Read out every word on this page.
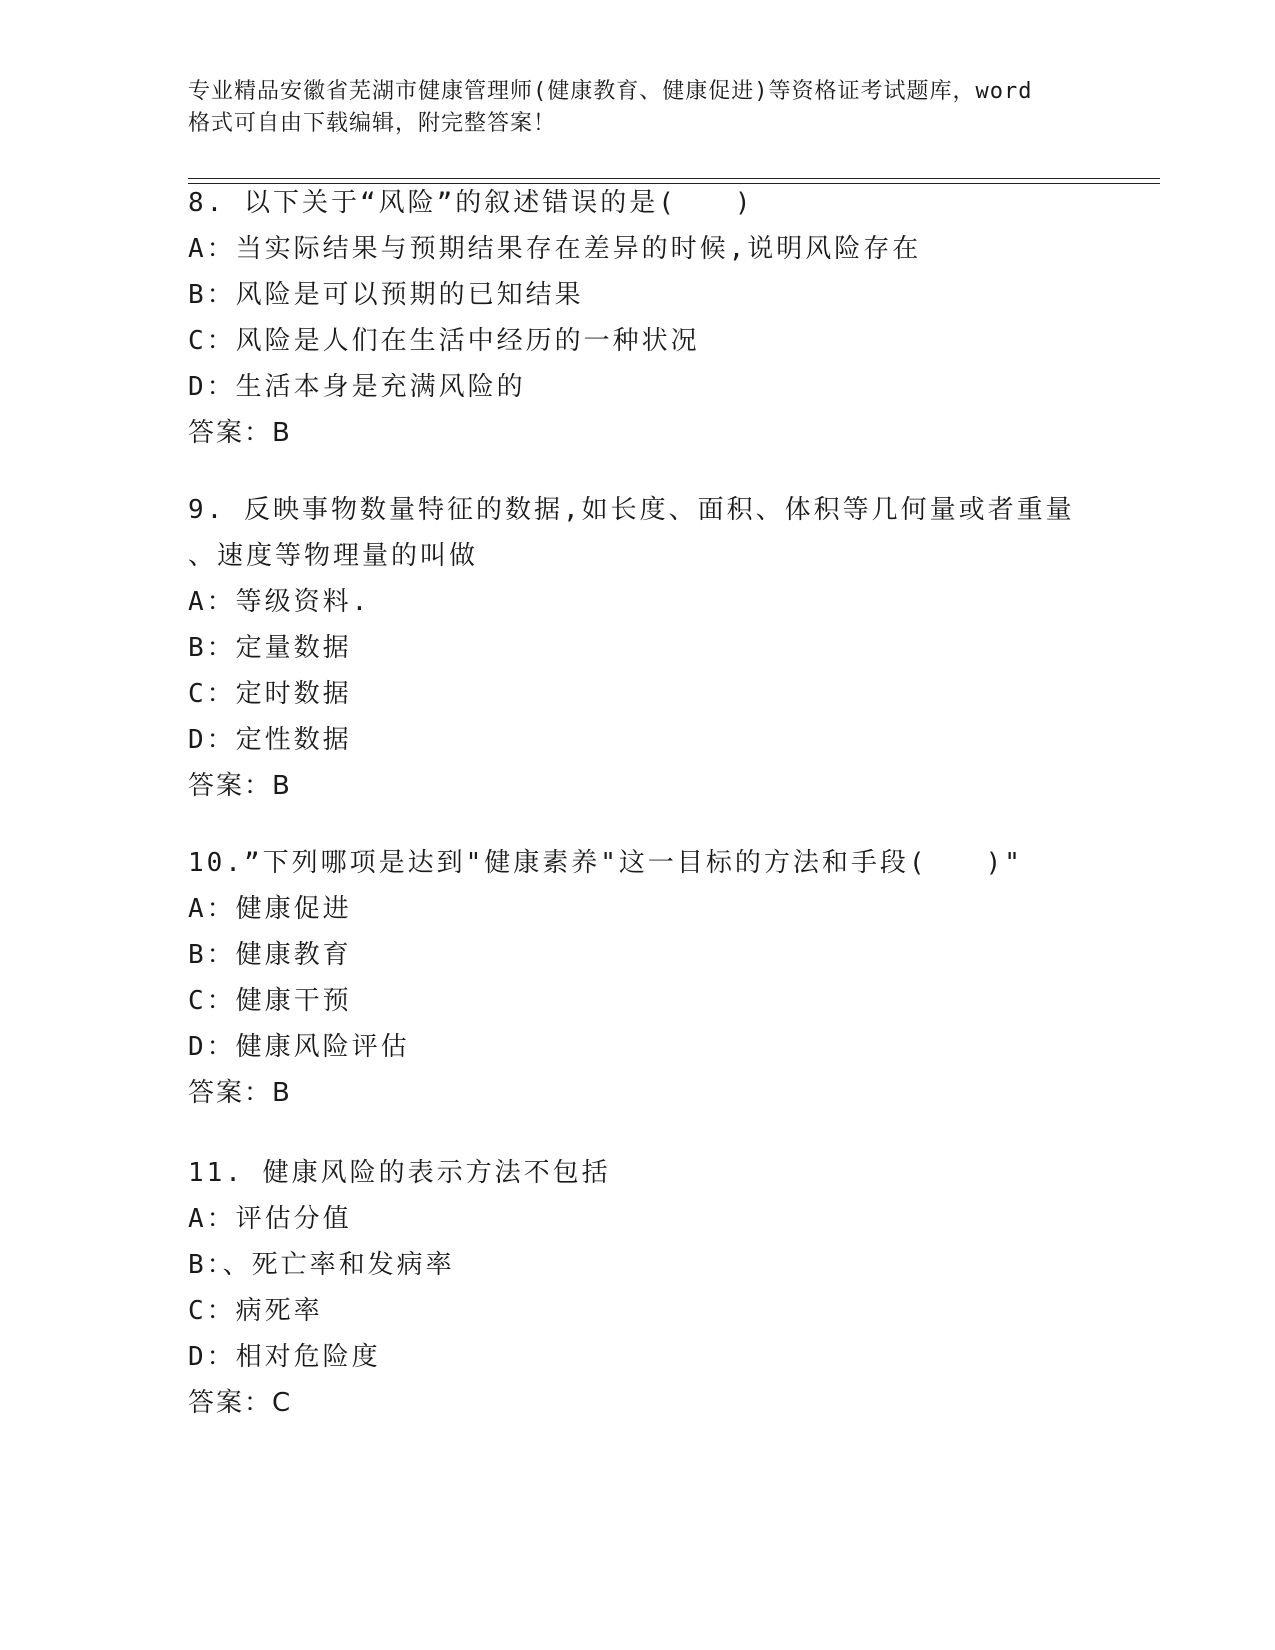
专业精品安徽省芜湖市健康管理师(健康教育、健康促进)等资格证考试题库，word
格式可自由下载编辑，附完整答案！
8. 以下关于“风险”的叙述错误的是(　　)
A：当实际结果与预期结果存在差异的时候,说明风险存在
B：风险是可以预期的已知结果
C：风险是人们在生活中经历的一种状况
D：生活本身是充满风险的
答案：B
9. 反映事物数量特征的数据,如长度、面积、体积等几何量或者重量
、速度等物理量的叫做
A：等级资料.
B：定量数据
C：定时数据
D：定性数据
答案：B
10.”下列哪项是达到"健康素养"这一目标的方法和手段(　　)"
A：健康促进
B：健康教育
C：健康干预
D：健康风险评估
答案：B
11. 健康风险的表示方法不包括
A：评估分值
B：、死亡率和发病率
C：病死率
D：相对危险度
答案：C
